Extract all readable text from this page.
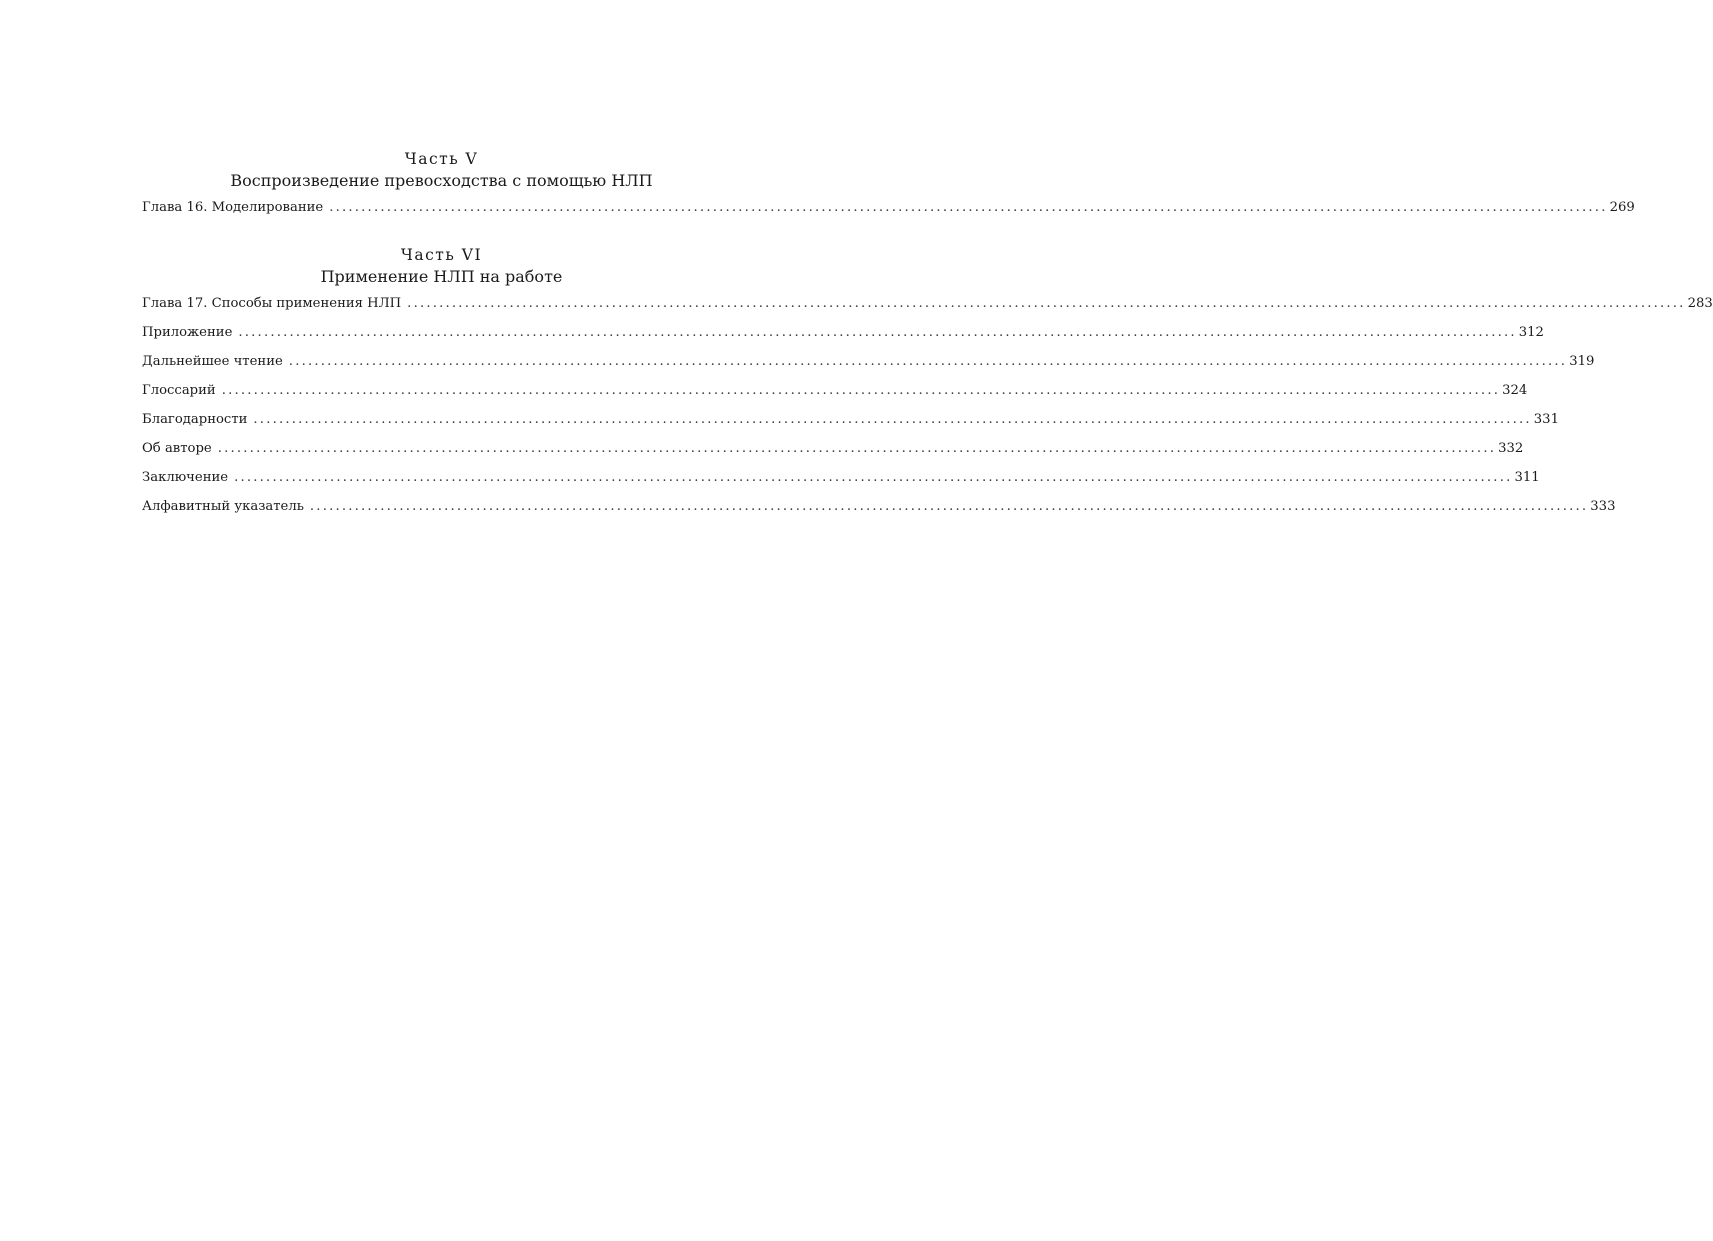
Часть V
Воспроизведение превосходства с помощью НЛП
Глава 16. Моделирование ........................................................................................................................................................................................................ 269
Часть VI
Применение НЛП на работе
Глава 17. Способы применения НЛП ........................................................................................................................................................................................................ 283
Приложение ........................................................................................................................................................................................................ 312
Дальнейшее чтение ........................................................................................................................................................................................................ 319
Глоссарий ........................................................................................................................................................................................................ 324
Благодарности ........................................................................................................................................................................................................ 331
Об авторе ........................................................................................................................................................................................................ 332
Заключение ........................................................................................................................................................................................................ 311
Алфавитный указатель ........................................................................................................................................................................................................ 333
